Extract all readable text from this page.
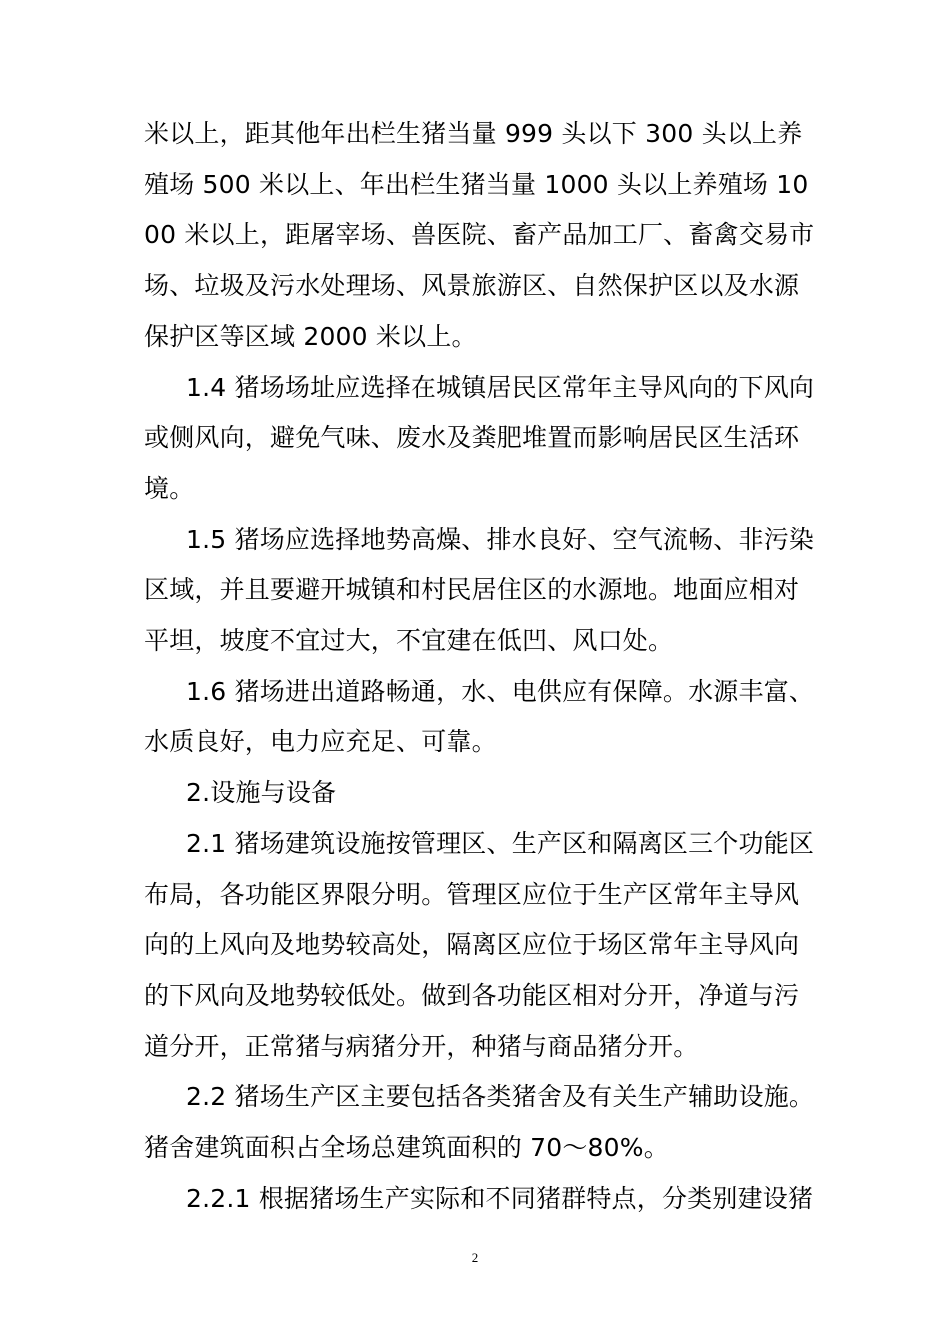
米以上，距其他年出栏生猪当量 999 头以下 300 头以上养殖场 500 米以上、年出栏生猪当量 1000 头以上养殖场 1000 米以上，距屠宰场、兽医院、畜产品加工厂、畜禽交易市场、垃圾及污水处理场、风景旅游区、自然保护区以及水源保护区等区域 2000 米以上。

1.4 猪场场址应选择在城镇居民区常年主导风向的下风向或侧风向，避免气味、废水及粪肥堆置而影响居民区生活环境。

1.5 猪场应选择地势高燥、排水良好、空气流畅、非污染区域，并且要避开城镇和村民居住区的水源地。地面应相对平坦，坡度不宜过大，不宜建在低凹、风口处。

1.6 猪场进出道路畅通，水、电供应有保障。水源丰富、水质良好，电力应充足、可靠。

2.设施与设备

2.1 猪场建筑设施按管理区、生产区和隔离区三个功能区布局，各功能区界限分明。管理区应位于生产区常年主导风向的上风向及地势较高处，隔离区应位于场区常年主导风向的下风向及地势较低处。做到各功能区相对分开，净道与污道分开，正常猪与病猪分开，种猪与商品猪分开。

2.2 猪场生产区主要包括各类猪舍及有关生产辅助设施。猪舍建筑面积占全场总建筑面积的 70～80%。

2.2.1 根据猪场生产实际和不同猪群特点，分类别建设猪

2
